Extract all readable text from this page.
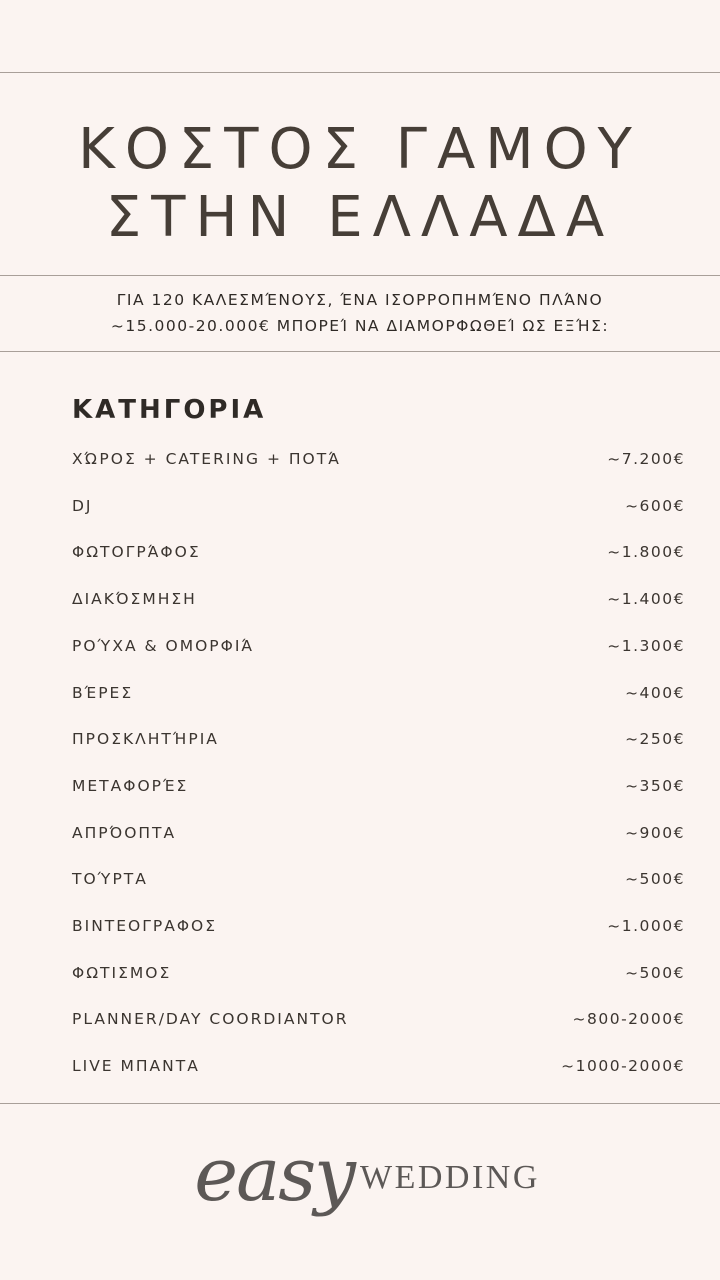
ΚΟΣΤΟΣ ΓΑΜΟΥ
ΣΤΗΝ ΕΛΛΑΔΑ
ΓΙΑ 120 ΚΑΛΕΣΜΈΝΟΥΣ, ΈΝΑ ΙΣΟΡΡΟΠΗΜΈΝΟ ΠΛΆΝΟ
~15.000-20.000€ ΜΠΟΡΕΊ ΝΑ ΔΙΑΜΟΡΦΩΘΕΊ ΩΣ ΕΞΉΣ:
ΚΑΤΗΓΟΡΙΑ
ΧΏΡΟΣ + CATERING + ΠΟΤΆ	~7.200€
DJ	~600€
ΦΩΤΟΓΡΆΦΟΣ	~1.800€
ΔΙΑΚΌΣΜΗΣΗ	~1.400€
ΡΟΎΧΑ & ΟΜΟΡΦΙΆ	~1.300€
ΒΈΡΕΣ	~400€
ΠΡΟΣΚΛΗΤΉΡΙΑ	~250€
ΜΕΤΑΦΟΡΈΣ	~350€
ΑΠΡΌΟΠΤΑ	~900€
ΤΟΎΡΤΑ	~500€
ΒΙΝΤΕΟΓΡΑΦΟΣ	~1.000€
ΦΩΤΙΣΜΟΣ	~500€
PLANNER/DAY COORDIANTOR	~800-2000€
LIVE ΜΠΑΝΤΑ	~1000-2000€
easy WEDDING
